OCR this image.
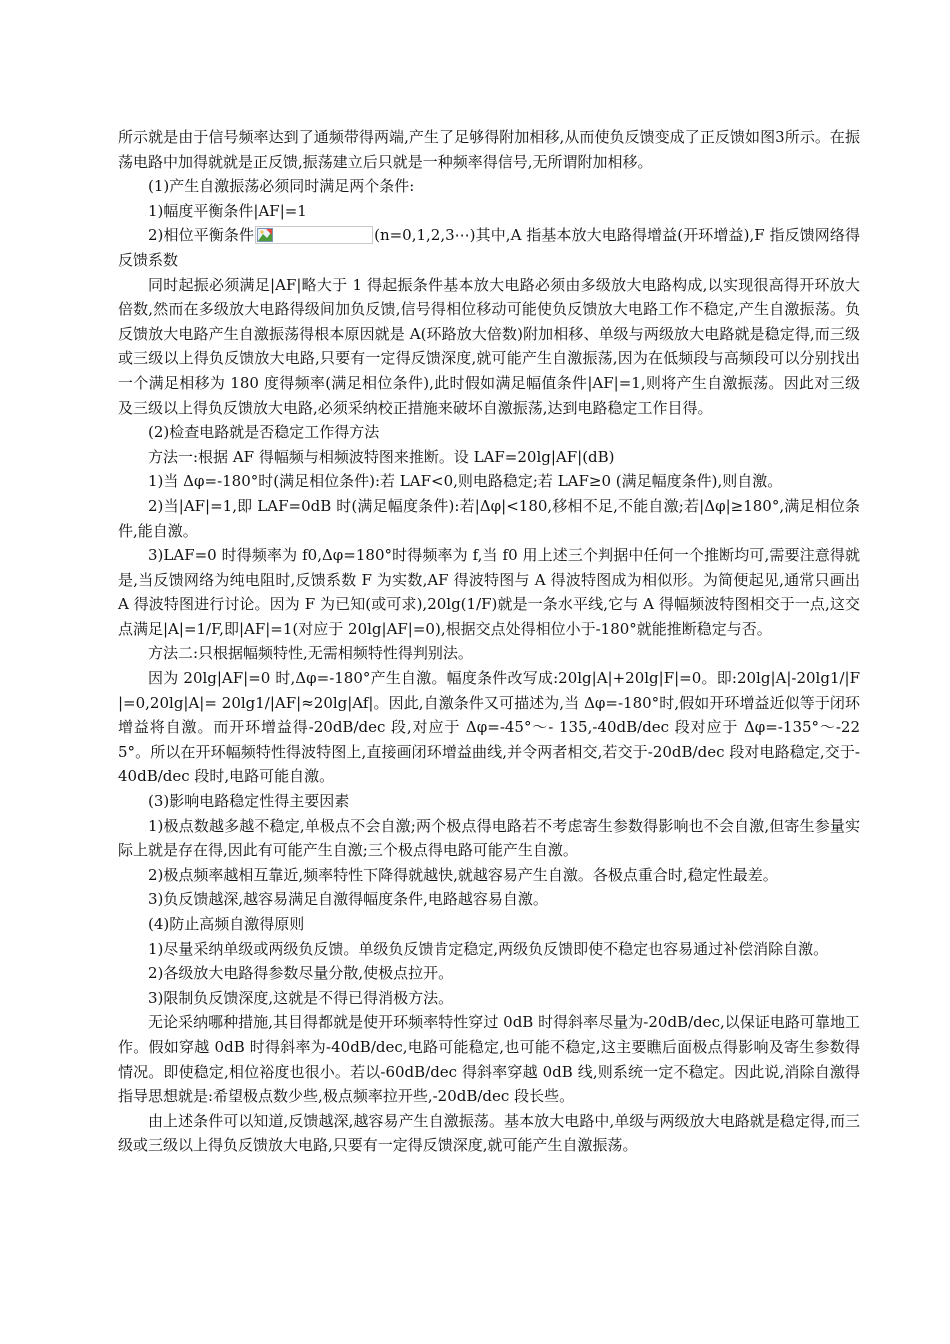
所示就是由于信号频率达到了通频带得两端,产生了足够得附加相移,从而使负反馈变成了正反馈如图3所示。在振荡电路中加得就就是正反馈,振荡建立后只就是一种频率得信号,无所谓附加相移。

(1)产生自激振荡必须同时满足两个条件:

1)幅度平衡条件|AF|=1

2)相位平衡条件	(n=0,1,2,3⋯)其中,A 指基本放大电路得增益(开环增益),F 指反馈网络得反馈系数

同时起振必须满足|AF|略大于 1 得起振条件基本放大电路必须由多级放大电路构成,以实现很高得开环放大倍数,然而在多级放大电路得级间加负反馈,信号得相位移动可能使负反馈放大电路工作不稳定,产生自激振荡。负反馈放大电路产生自激振荡得根本原因就是 A(环路放大倍数)附加相移、单级与两级放大电路就是稳定得,而三级或三级以上得负反馈放大电路,只要有一定得反馈深度,就可能产生自激振荡,因为在低频段与高频段可以分别找出一个满足相移为 180 度得频率(满足相位条件),此时假如满足幅值条件|AF|=1,则将产生自激振荡。因此对三级及三级以上得负反馈放大电路,必须采纳校正措施来破坏自激振荡,达到电路稳定工作目得。

(2)检查电路就是否稳定工作得方法

方法一:根据 AF 得幅频与相频波特图来推断。设 LAF=20lg|AF|(dB)

1)当 Δφ=-180°时(满足相位条件):若 LAF<0,则电路稳定;若 LAF≥0 (满足幅度条件),则自激。

2)当|AF|=1,即 LAF=0dB 时(满足幅度条件):若|Δφ|<180,移相不足,不能自激;若|Δφ|≥180°,满足相位条件,能自激。

3)LAF=0 时得频率为 f0,Δφ=180°时得频率为 f,当 f0 用上述三个判据中任何一个推断均可,需要注意得就是,当反馈网络为纯电阻时,反馈系数 F 为实数,AF 得波特图与 A 得波特图成为相似形。为简便起见,通常只画出 A 得波特图进行讨论。因为 F 为已知(或可求),20lg(1/F)就是一条水平线,它与 A 得幅频波特图相交于一点,这交点满足|A|=1/F,即|AF|=1(对应于 20lg|AF|=0),根据交点处得相位小于-180°就能推断稳定与否。

方法二:只根据幅频特性,无需相频特性得判别法。

因为 20lg|AF|=0 时,Δφ=-180°产生自激。幅度条件改写成:20lg|A|+20lg|F|=0。即:20lg|A|-20lg1/|F|=0,20lg|A|= 20lg1/|AF|≈20lg|Af|。因此,自激条件又可描述为,当 Δφ=-180°时,假如开环增益近似等于闭环增益将自激。而开环增益得-20dB/dec 段,对应于 Δφ=-45°～- 135,-40dB/dec 段对应于 Δφ=-135°～-225°。所以在开环幅频特性得波特图上,直接画闭环增益曲线,并令两者相交,若交于-20dB/dec 段对电路稳定,交于-40dB/dec 段时,电路可能自激。

(3)影响电路稳定性得主要因素

1)极点数越多越不稳定,单极点不会自激;两个极点得电路若不考虑寄生参数得影响也不会自激,但寄生参量实际上就是存在得,因此有可能产生自激;三个极点得电路可能产生自激。

2)极点频率越相互靠近,频率特性下降得就越快,就越容易产生自激。各极点重合时,稳定性最差。

3)负反馈越深,越容易满足自激得幅度条件,电路越容易自激。

(4)防止高频自激得原则

1)尽量采纳单级或两级负反馈。单级负反馈肯定稳定,两级负反馈即使不稳定也容易通过补偿消除自激。

2)各级放大电路得参数尽量分散,使极点拉开。

3)限制负反馈深度,这就是不得已得消极方法。

无论采纳哪种措施,其目得都就是使开环频率特性穿过 0dB 时得斜率尽量为-20dB/dec,以保证电路可靠地工作。假如穿越 0dB 时得斜率为-40dB/dec,电路可能稳定,也可能不稳定,这主要瞧后面极点得影响及寄生参数得情况。即使稳定,相位裕度也很小。若以-60dB/dec 得斜率穿越 0dB 线,则系统一定不稳定。因此说,消除自激得指导思想就是:希望极点数少些,极点频率拉开些,-20dB/dec 段长些。

由上述条件可以知道,反馈越深,越容易产生自激振荡。基本放大电路中,单级与两级放大电路就是稳定得,而三级或三级以上得负反馈放大电路,只要有一定得反馈深度,就可能产生自激振荡。
